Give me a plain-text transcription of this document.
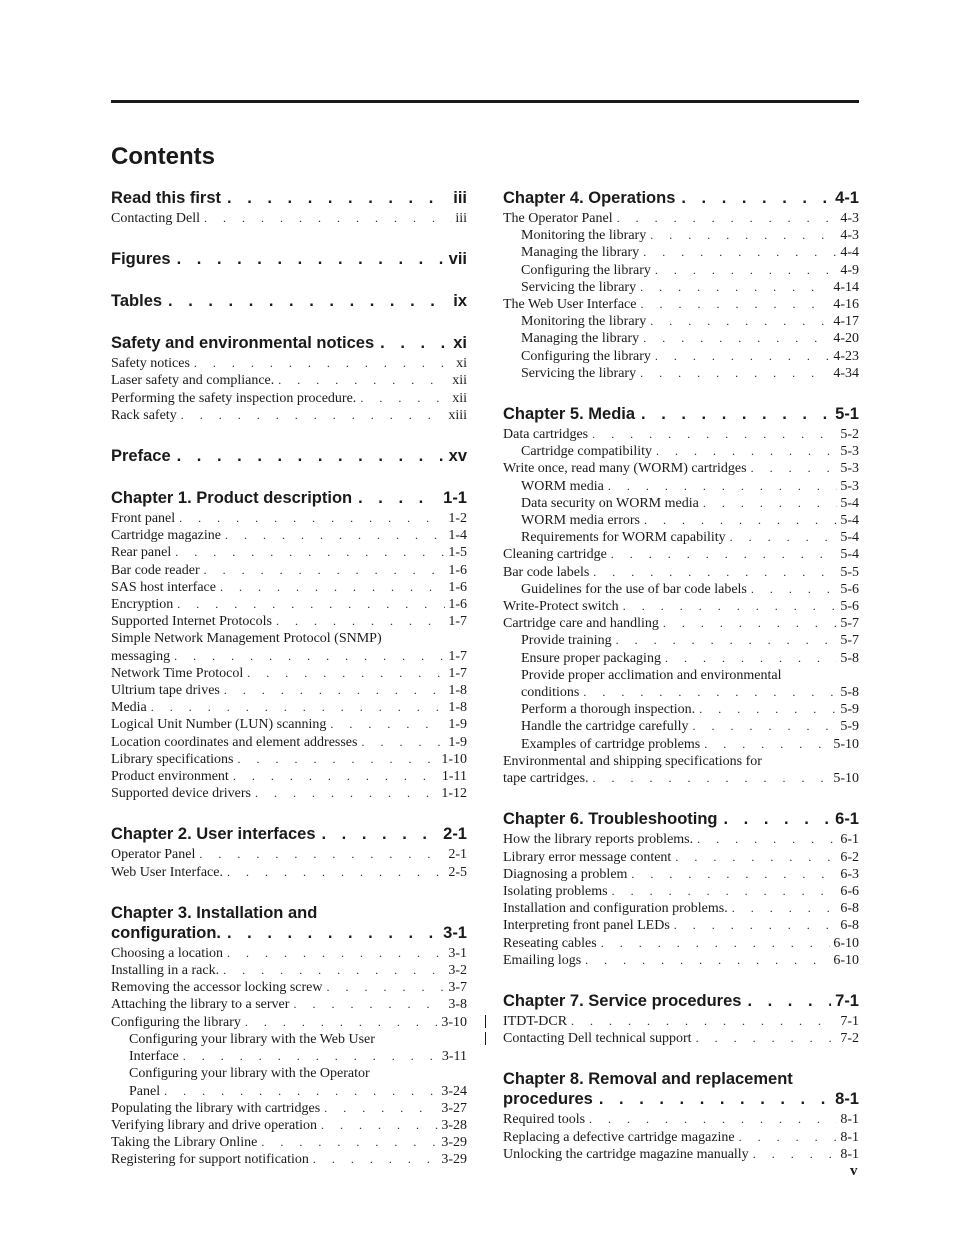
Contents
Read this first . . .	iii
Contacting Dell . . .	iii
Figures . . .	vii
Tables . . .	ix
Safety and environmental notices . . .	xi
Safety notices . . .	xi
Laser safety and compliance. . . .	xii
Performing the safety inspection procedure. . . .	xii
Rack safety . . .	xiii
Preface . . .	xv
Chapter 1. Product description . . .	1-1
Front panel . . .	1-2
Cartridge magazine . . .	1-4
Rear panel . . .	1-5
Bar code reader . . .	1-6
SAS host interface . . .	1-6
Encryption . . .	1-6
Supported Internet Protocols . . .	1-7
Simple Network Management Protocol (SNMP)
messaging . . .	1-7
Network Time Protocol . . .	1-7
Ultrium tape drives . . .	1-8
Media . . .	1-8
Logical Unit Number (LUN) scanning . . .	1-9
Location coordinates and element addresses . . .	1-9
Library specifications . . .	1-10
Product environment . . .	1-11
Supported device drivers . . .	1-12
Chapter 2. User interfaces . . .	2-1
Operator Panel . . .	2-1
Web User Interface. . . .	2-5
Chapter 3. Installation and
configuration. . . .	3-1
Choosing a location . . .	3-1
Installing in a rack. . . .	3-2
Removing the accessor locking screw . . .	3-7
Attaching the library to a server . . .	3-8
Configuring the library . . .	3-10
Configuring your library with the Web User
Interface . . .	3-11
Configuring your library with the Operator
Panel . . .	3-24
Populating the library with cartridges . . .	3-27
Verifying library and drive operation . . .	3-28
Taking the Library Online . . .	3-29
Registering for support notification . . .	3-29
Chapter 4. Operations . . .	4-1
The Operator Panel . . .	4-3
Monitoring the library . . .	4-3
Managing the library . . .	4-4
Configuring the library . . .	4-9
Servicing the library . . .	4-14
The Web User Interface . . .	4-16
Monitoring the library . . .	4-17
Managing the library . . .	4-20
Configuring the library . . .	4-23
Servicing the library . . .	4-34
Chapter 5. Media . . .	5-1
Data cartridges . . .	5-2
Cartridge compatibility . . .	5-3
Write once, read many (WORM) cartridges . . .	5-3
WORM media . . .	5-3
Data security on WORM media . . .	5-4
WORM media errors . . .	5-4
Requirements for WORM capability . . .	5-4
Cleaning cartridge . . .	5-4
Bar code labels . . .	5-5
Guidelines for the use of bar code labels . . .	5-6
Write-Protect switch . . .	5-6
Cartridge care and handling . . .	5-7
Provide training . . .	5-7
Ensure proper packaging . . .	5-8
Provide proper acclimation and environmental
conditions . . .	5-8
Perform a thorough inspection. . . .	5-9
Handle the cartridge carefully . . .	5-9
Examples of cartridge problems . . .	5-10
Environmental and shipping specifications for
tape cartridges. . . .	5-10
Chapter 6. Troubleshooting . . .	6-1
How the library reports problems. . . .	6-1
Library error message content . . .	6-2
Diagnosing a problem . . .	6-3
Isolating problems . . .	6-6
Installation and configuration problems. . . .	6-8
Interpreting front panel LEDs . . .	6-8
Reseating cables . . .	6-10
Emailing logs . . .	6-10
Chapter 7. Service procedures . . .	7-1
ITDT-DCR . . .	7-1
Contacting Dell technical support . . .	7-2
Chapter 8. Removal and replacement
procedures . . .	8-1
Required tools . . .	8-1
Replacing a defective cartridge magazine . . .	8-1
Unlocking the cartridge magazine manually . . .	8-1
v
